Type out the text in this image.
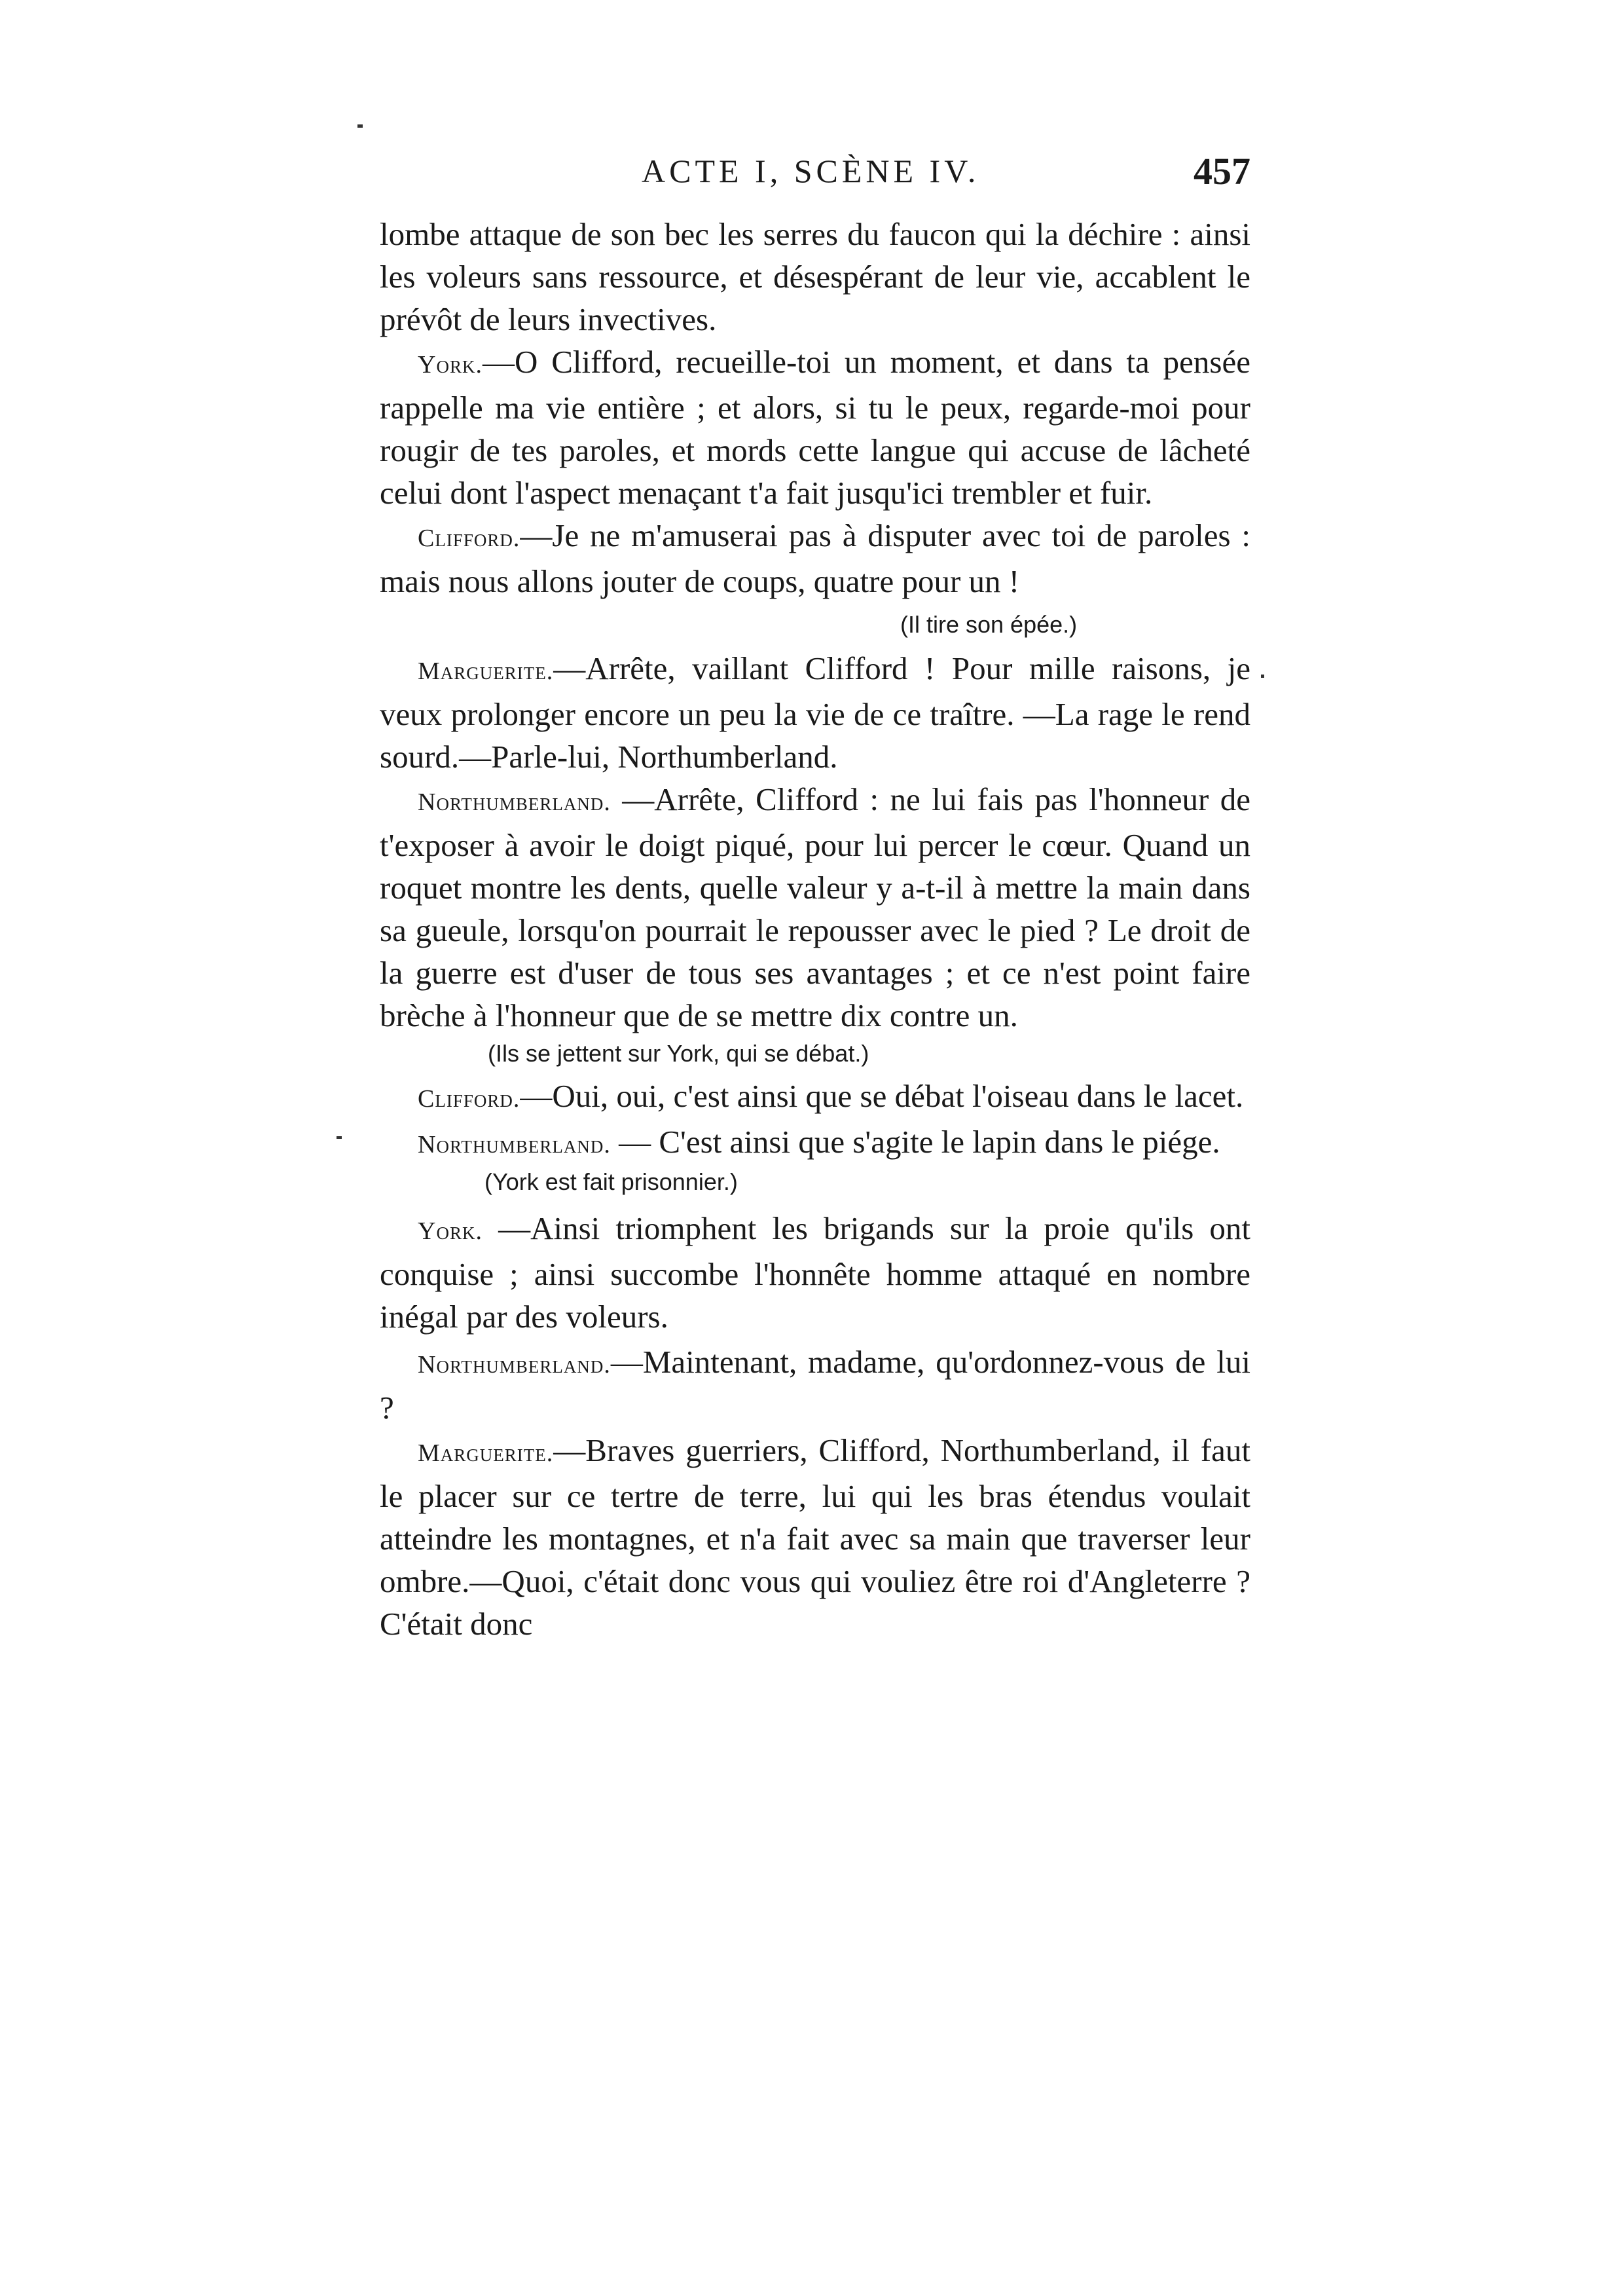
ACTE I, SCÈNE IV.	457

lombe attaque de son bec les serres du faucon qui la déchire : ainsi les voleurs sans ressource, et désespérant de leur vie, accablent le prévôt de leurs invectives.

York.—O Clifford, recueille-toi un moment, et dans ta pensée rappelle ma vie entière ; et alors, si tu le peux, regarde-moi pour rougir de tes paroles, et mords cette langue qui accuse de lâcheté celui dont l'aspect menaçant t'a fait jusqu'ici trembler et fuir.

Clifford.—Je ne m'amuserai pas à disputer avec toi de paroles : mais nous allons jouter de coups, quatre pour un !

(Il tire son épée.)

Marguerite.—Arrête, vaillant Clifford ! Pour mille raisons, je veux prolonger encore un peu la vie de ce traître. —La rage le rend sourd.—Parle-lui, Northumberland.

Northumberland. —Arrête, Clifford : ne lui fais pas l'honneur de t'exposer à avoir le doigt piqué, pour lui percer le cœur. Quand un roquet montre les dents, quelle valeur y a-t-il à mettre la main dans sa gueule, lorsqu'on pourrait le repousser avec le pied ? Le droit de la guerre est d'user de tous ses avantages ; et ce n'est point faire brèche à l'honneur que de se mettre dix contre un.

(Ils se jettent sur York, qui se débat.)

Clifford.—Oui, oui, c'est ainsi que se débat l'oiseau dans le lacet.

Northumberland. — C'est ainsi que s'agite le lapin dans le piége.

(York est fait prisonnier.)

York. —Ainsi triomphent les brigands sur la proie qu'ils ont conquise ; ainsi succombe l'honnête homme attaqué en nombre inégal par des voleurs.

Northumberland.—Maintenant, madame, qu'ordonnez-vous de lui ?

Marguerite.—Braves guerriers, Clifford, Northumberland, il faut le placer sur ce tertre de terre, lui qui les bras étendus voulait atteindre les montagnes, et n'a fait avec sa main que traverser leur ombre.—Quoi, c'était donc vous qui vouliez être roi d'Angleterre ? C'était donc
